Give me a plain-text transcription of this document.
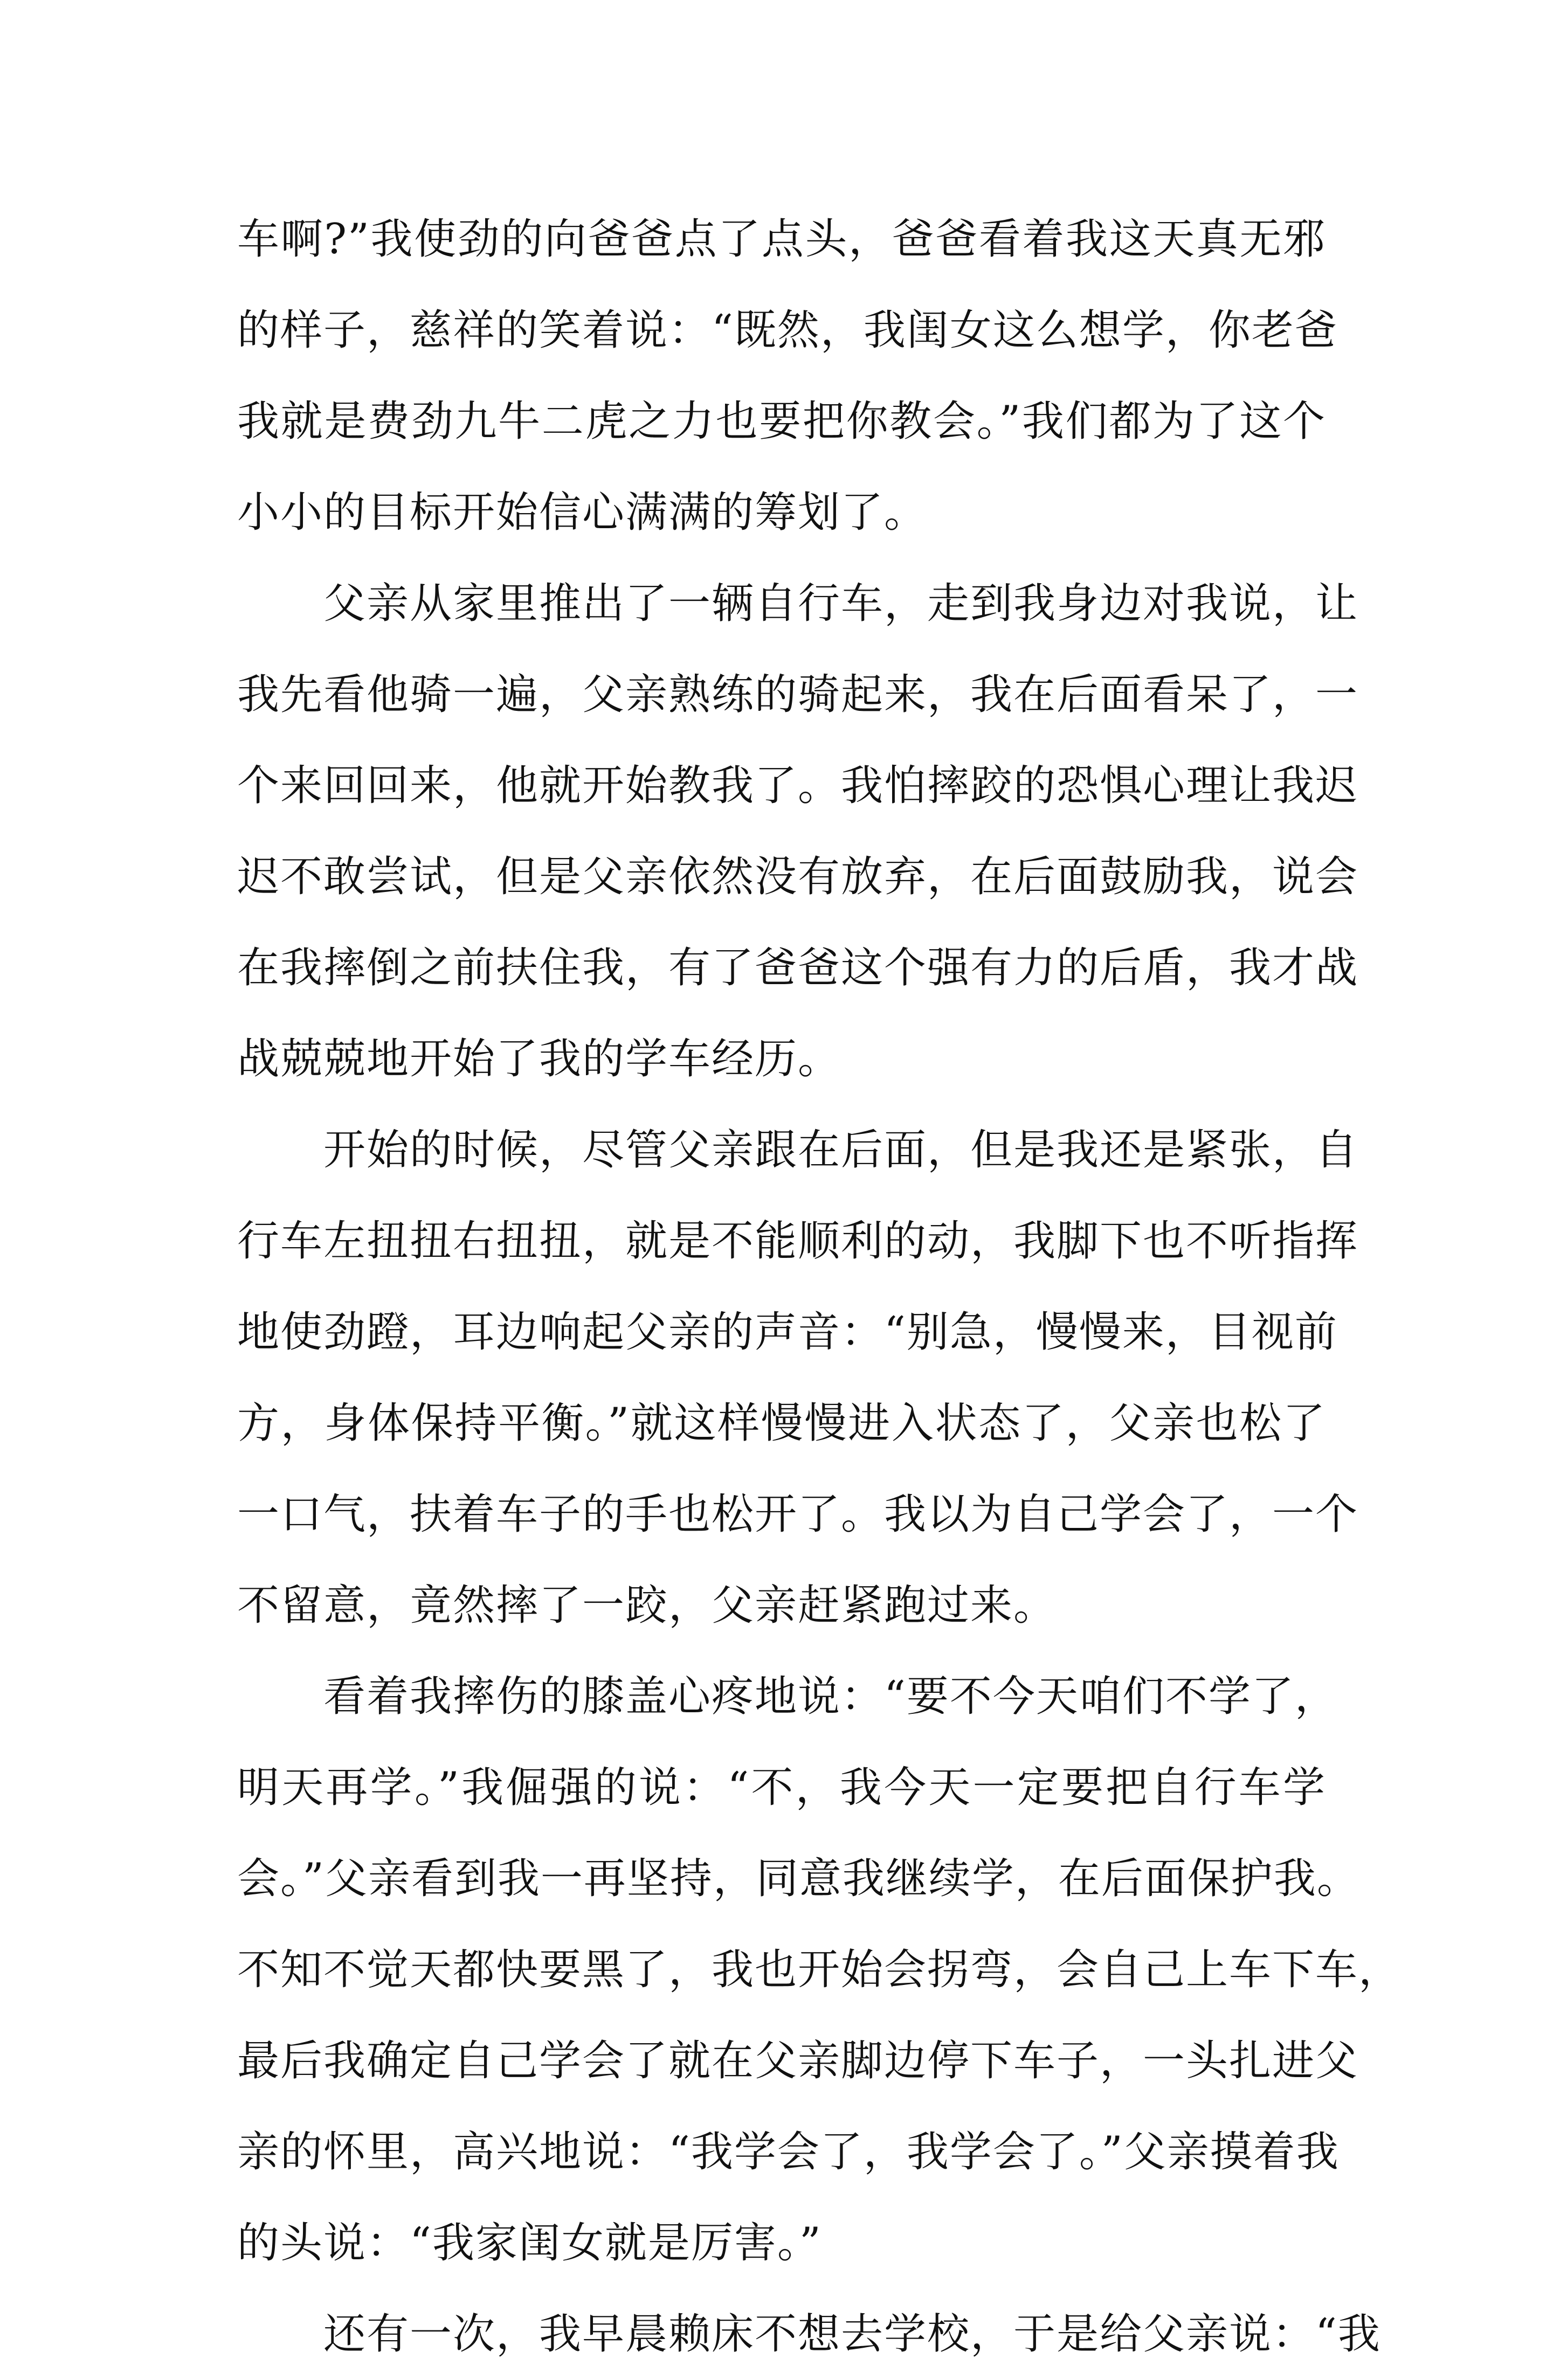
车啊?”我使劲的向爸爸点了点头，爸爸看着我这天真无邪
的样子，慈祥的笑着说：“既然，我闺女这么想学，你老爸
我就是费劲九牛二虎之力也要把你教会。”我们都为了这个
小小的目标开始信心满满的筹划了。
父亲从家里推出了一辆自行车，走到我身边对我说，让
我先看他骑一遍，父亲熟练的骑起来，我在后面看呆了，一
个来回回来，他就开始教我了。我怕摔跤的恐惧心理让我迟
迟不敢尝试，但是父亲依然没有放弃，在后面鼓励我，说会
在我摔倒之前扶住我，有了爸爸这个强有力的后盾，我才战
战兢兢地开始了我的学车经历。
开始的时候，尽管父亲跟在后面，但是我还是紧张，自
行车左扭扭右扭扭，就是不能顺利的动，我脚下也不听指挥
地使劲蹬，耳边响起父亲的声音：“别急，慢慢来，目视前
方，身体保持平衡。”就这样慢慢进入状态了，父亲也松了
一口气，扶着车子的手也松开了。我以为自己学会了，一个
不留意，竟然摔了一跤，父亲赶紧跑过来。
看着我摔伤的膝盖心疼地说：“要不今天咱们不学了，
明天再学。”我倔强的说：“不，我今天一定要把自行车学
会。”父亲看到我一再坚持，同意我继续学，在后面保护我。
不知不觉天都快要黑了，我也开始会拐弯，会自己上车下车，
最后我确定自己学会了就在父亲脚边停下车子，一头扎进父
亲的怀里，高兴地说：“我学会了，我学会了。”父亲摸着我
的头说：“我家闺女就是厉害。”
还有一次，我早晨赖床不想去学校，于是给父亲说：“我
